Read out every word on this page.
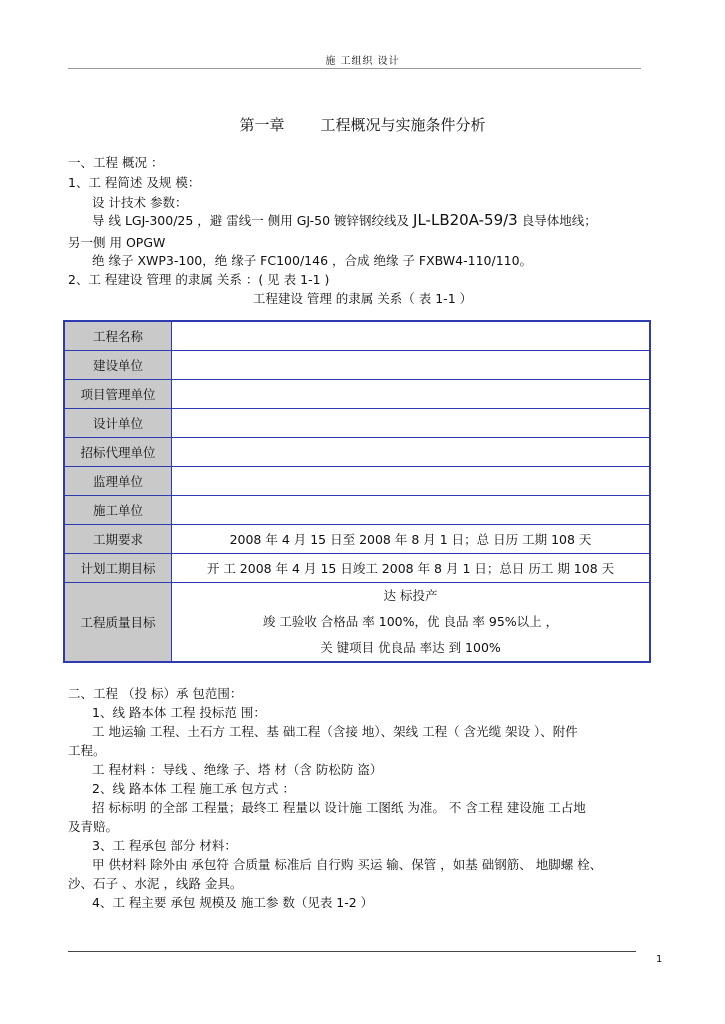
施 工组织 设计
第一章 工程概况与实施条件分析
一、工程 概况 ：
1、工 程简述 及规 模：
设 计技术 参数：
导 线 LGJ-300/25 ，避 雷线一 侧用 GJ-50 镀锌钢绞线及 JL-LB20A-59/3 良导体地线；
另一侧 用 OPGW
绝 缘子 XWP3-100，绝 缘子 FC100/146 ，合成 绝缘 子 FXBW4-110/110。
2、工 程建设 管理 的隶属 关系 ：( 见 表 1-1 )
工程建设 管理 的隶属 关系（ 表 1-1 ）
工程名称	
建设单位	
项目管理单位	
设计单位	
招标代理单位	
监理单位	
施工单位	
工期要求	2008 年 4 月 15 日至 2008 年 8 月 1 日；总 日历 工期 108 天
计划工期目标	开 工 2008 年 4 月 15 日竣工 2008 年 8 月 1 日；总日 历工 期 108 天
工程质量目标	达 标投产
竣 工验收 合格品 率 100%，优 良品 率 95%以上 ，
关 键项目 优良品 率达 到 100%
二、工程 （投 标）承 包范围：
1、线 路本体 工程 投标范 围：
工 地运输 工程、土石方 工程、基 础工程（含接 地）、架线 工程（ 含光缆 架设 ）、附件
工程。
工 程材料 ：导线 、绝缘 子、塔 材（含 防松防 盗）
2、线 路本体 工程 施工承 包方式 ：
招 标标明 的全部 工程量；最终工 程量以 设计施 工图纸 为准。 不 含工程 建设施 工占地
及青赔。
3、工 程承包 部分 材料：
甲 供材料 除外由 承包符 合质量 标准后 自行购 买运 输、保管 ，如基 础钢筋、 地脚螺 栓、
沙、石子 、水泥 ，线路 金具。
4、工 程主要 承包 规模及 施工参 数（见表 1-2 ）
1
